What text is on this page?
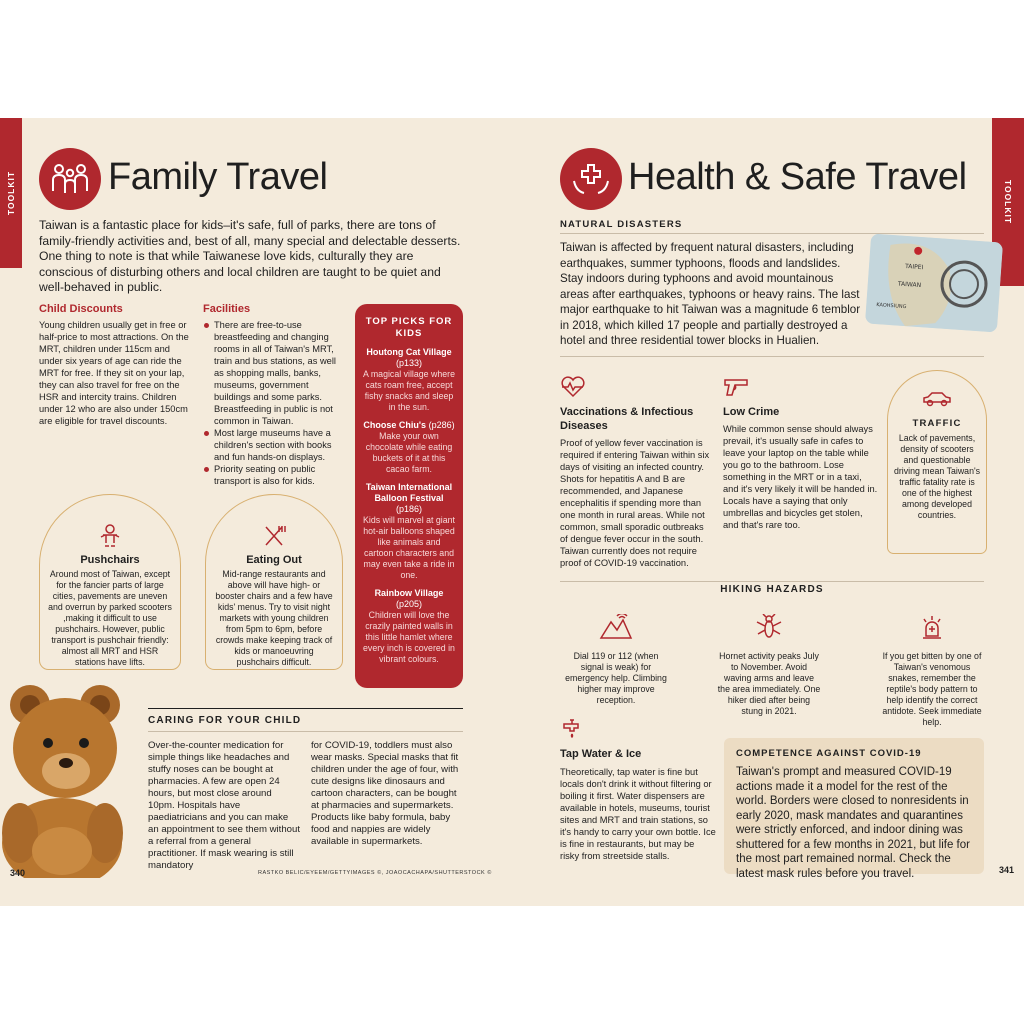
TOOLKIT Family Travel
Taiwan is a fantastic place for kids–it's safe, full of parks, there are tons of family-friendly activities and, best of all, many special and delectable desserts. One thing to note is that while Taiwanese love kids, culturally they are conscious of disturbing others and local children are taught to be quiet and well-behaved in public.
Child Discounts
Young children usually get in free or half-price to most attractions. On the MRT, children under 115cm and under six years of age can ride the MRT for free. If they sit on your lap, they can also travel for free on the HSR and intercity trains. Children under 12 who are also under 150cm are eligible for travel discounts.
Facilities
There are free-to-use breastfeeding and changing rooms in all of Taiwan's MRT, train and bus stations, as well as shopping malls, banks, museums, government buildings and some parks. Breastfeeding in public is not common in Taiwan.
Most large museums have a children's section with books and fun hands-on displays.
Priority seating on public transport is also for kids.
TOP PICKS FOR KIDS
Houtong Cat Village
(p133)
A magical village where cats roam free, accept fishy snacks and sleep in the sun.
Choose Chiu's (p286)
Make your own chocolate while eating buckets of it at this cacao farm.
Taiwan International Balloon Festival
(p186)
Kids will marvel at giant hot-air balloons shaped like animals and cartoon characters and may even take a ride in one.
Rainbow Village
(p205)
Children will love the crazily painted walls in this little hamlet where every inch is covered in vibrant colours.
Pushchairs
Around most of Taiwan, except for the fancier parts of large cities, pavements are uneven and overrun by parked scooters ,making it difficult to use pushchairs. However, public transport is pushchair friendly: almost all MRT and HSR stations have lifts.
Eating Out
Mid-range restaurants and above will have high- or booster chairs and a few have kids' menus. Try to visit night markets with young children from 5pm to 6pm, before crowds make keeping track of kids or manoeuvring pushchairs difficult.
CARING FOR YOUR CHILD
Over-the-counter medication for simple things like headaches and stuffy noses can be bought at pharmacies. A few are open 24 hours, but most close around 10pm. Hospitals have paediatricians and you can make an appointment to see them without a referral from a general practitioner. If mask wearing is still mandatory
for COVID-19, toddlers must also wear masks. Special masks that fit children under the age of four, with cute designs like dinosaurs and cartoon characters, can be bought at pharmacies and supermarkets. Products like baby formula, baby food and nappies are widely available in supermarkets.
340	RASTKO BELIC/EYEEM/GETTYIMAGES ©, JOAOCACHAPA/SHUTTERSTOCK ©
TOOLKIT
Health & Safe Travel
NATURAL DISASTERS
Taiwan is affected by frequent natural disasters, including earthquakes, summer typhoons, floods and landslides. Stay indoors during typhoons and avoid mountainous areas after earthquakes, typhoons or heavy rains. The last major earthquake to hit Taiwan was a magnitude 6 temblor in 2018, which killed 17 people and partially destroyed a hotel and three residential tower blocks in Hualien.
TAIPEI
TAIWAN
KAOHSIUNG
Vaccinations & Infectious Diseases
Proof of yellow fever vaccination is required if entering Taiwan within six days of visiting an infected country. Shots for hepatitis A and B are recommended, and Japanese encephalitis if spending more than one month in rural areas. While not common, small sporadic outbreaks of dengue fever occur in the south. Taiwan currently does not require proof of COVID-19 vaccination.
Low Crime
While common sense should always prevail, it's usually safe in cafes to leave your laptop on the table while you go to the bathroom. Lose something in the MRT or in a taxi, and it's very likely it will be handed in. Locals have a saying that only umbrellas and bicycles get stolen, and that's rare too.
TRAFFIC
Lack of pavements, density of scooters and questionable driving mean Taiwan's traffic fatality rate is one of the highest among developed countries.
HIKING HAZARDS
Dial 119 or 112 (when signal is weak) for emergency help. Climbing higher may improve reception.
Hornet activity peaks July to November. Avoid waving arms and leave the area immediately. One hiker died after being stung in 2021.
If you get bitten by one of Taiwan's venomous snakes, remember the reptile's body pattern to help identify the correct antidote. Seek immediate help.
Tap Water & Ice
Theoretically, tap water is fine but locals don't drink it without filtering or boiling it first. Water dispensers are available in hotels, museums, tourist sites and MRT and train stations, so it's handy to carry your own bottle. Ice is fine in restaurants, but may be risky from streetside stalls.
COMPETENCE AGAINST COVID-19
Taiwan's prompt and measured COVID-19 actions made it a model for the rest of the world. Borders were closed to nonresidents in early 2020, mask mandates and quarantines were strictly enforced, and indoor dining was shuttered for a few months in 2021, but life for the most part remained normal. Check the latest mask rules before you travel.	341
